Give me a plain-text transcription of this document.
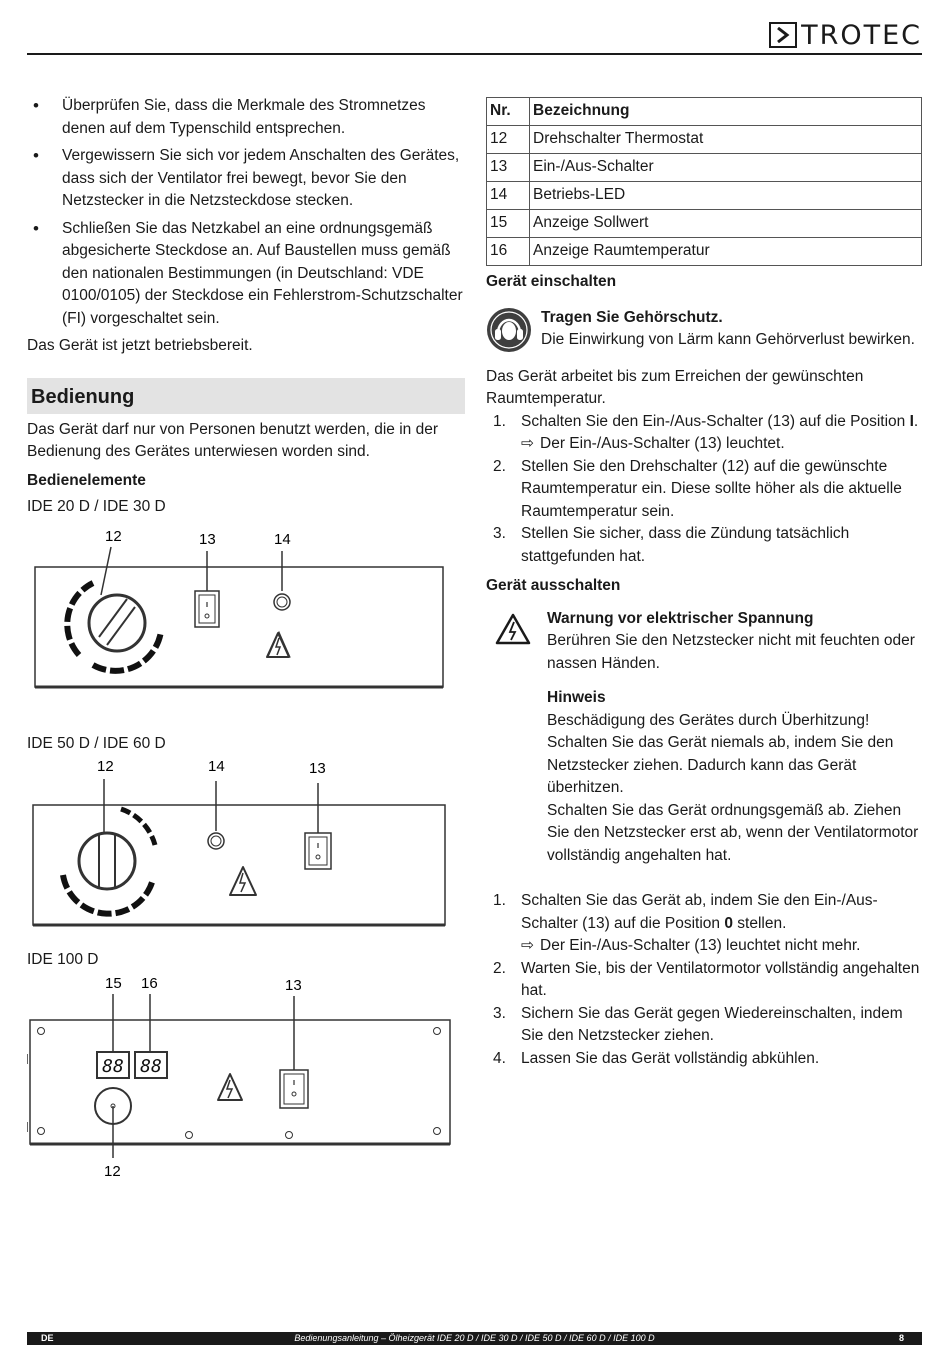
TROTEC
• Überprüfen Sie, dass die Merkmale des Stromnetzes denen auf dem Typenschild entsprechen.
• Vergewissern Sie sich vor jedem Anschalten des Gerätes, dass sich der Ventilator frei bewegt, bevor Sie den Netzstecker in die Netzsteckdose stecken.
• Schließen Sie das Netzkabel an eine ordnungsgemäß abgesicherte Steckdose an. Auf Baustellen muss gemäß den nationalen Bestimmungen (in Deutschland: VDE 0100/0105) der Steckdose ein Fehlerstrom-Schutzschalter (FI) vorgeschaltet sein.
Das Gerät ist jetzt betriebsbereit.
Bedienung
Das Gerät darf nur von Personen benutzt werden, die in der Bedienung des Gerätes unterwiesen worden sind.
Bedienelemente
IDE 20 D / IDE 30 D
12	13	14
IDE 50 D / IDE 60 D
12	14	13
IDE 100 D
15 16	13
12
88 88
Nr.	Bezeichnung
12	Drehschalter Thermostat
13	Ein-/Aus-Schalter
14	Betriebs-LED
15	Anzeige Sollwert
16	Anzeige Raumtemperatur
Gerät einschalten
Tragen Sie Gehörschutz.
Die Einwirkung von Lärm kann Gehörverlust bewirken.
Das Gerät arbeitet bis zum Erreichen der gewünschten Raumtemperatur.
1. Schalten Sie den Ein-/Aus-Schalter (13) auf die Position I.
⇨ Der Ein-/Aus-Schalter (13) leuchtet.
2. Stellen Sie den Drehschalter (12) auf die gewünschte Raumtemperatur ein. Diese sollte höher als die aktuelle Raumtemperatur sein.
3. Stellen Sie sicher, dass die Zündung tatsächlich stattgefunden hat.
Gerät ausschalten
Warnung vor elektrischer Spannung
Berühren Sie den Netzstecker nicht mit feuchten oder nassen Händen.
Hinweis
Beschädigung des Gerätes durch Überhitzung!
Schalten Sie das Gerät niemals ab, indem Sie den Netzstecker ziehen. Dadurch kann das Gerät überhitzen.
Schalten Sie das Gerät ordnungsgemäß ab. Ziehen Sie den Netzstecker erst ab, wenn der Ventilatormotor vollständig angehalten hat.
1. Schalten Sie das Gerät ab, indem Sie den Ein-/Aus-Schalter (13) auf die Position 0 stellen.
⇨ Der Ein-/Aus-Schalter (13) leuchtet nicht mehr.
2. Warten Sie, bis der Ventilatormotor vollständig angehalten hat.
3. Sichern Sie das Gerät gegen Wiedereinschalten, indem Sie den Netzstecker ziehen.
4. Lassen Sie das Gerät vollständig abkühlen.
DE	Bedienungsanleitung – Ölheizgerät IDE 20 D / IDE 30 D / IDE 50 D / IDE 60 D / IDE 100 D	8
